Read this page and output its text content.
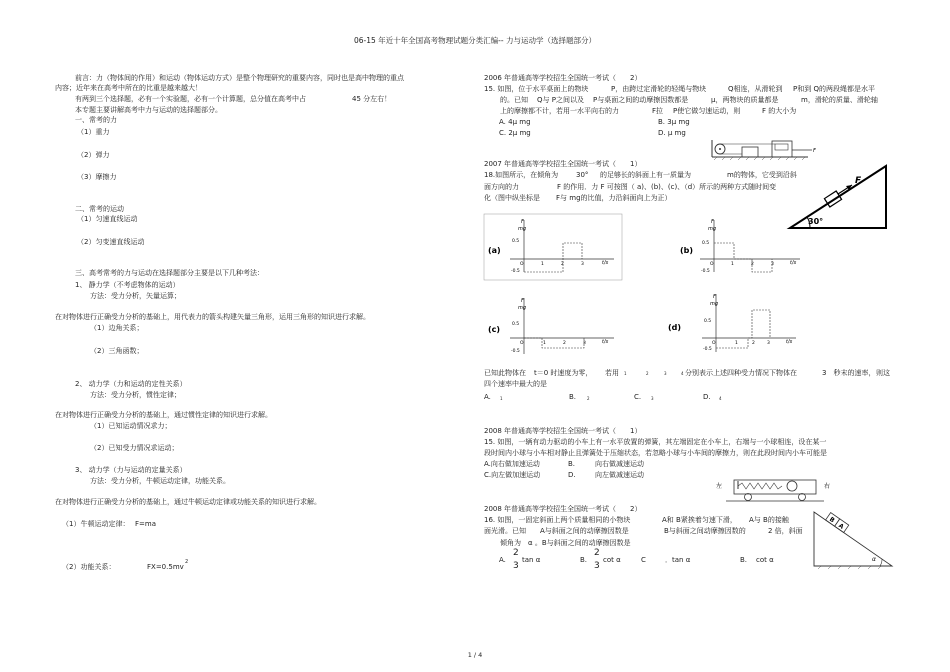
06-15 年近十年全国高考物理试题分类汇编-- 力与运动学（选择题部分）
前言：力（物体间的作用）和运动（物体运动方式）是整个物理研究的重要内容，同时也是高中物理的重点
内容；近年来在高考中所在的比重是越来越大！
有两到三个选择题，必有一个实验题，必有一个计算题，总分值在高考中占	45 分左右！
本专题主要讲解高考中力与运动的选择题部分。
一、常考的力
（1）重力
（2）弹力
（3）摩擦力
二、常考的运动
（1）匀速直线运动
（2）匀变速直线运动
三、高考常考的力与运动在选择题部分主要是以下几种考法：
1、 静力学（不考虑物体的运动）
方法：受力分析，矢量运算；
在对物体进行正确受力分析的基础上，用代表力的箭头构建矢量三角形，运用三角形的知识进行求解。
（1）边角关系；
（2）三角函数；
2、 动力学（力和运动的定性关系）
方法：受力分析，惯性定律；
在对物体进行正确受力分析的基础上，通过惯性定律的知识进行求解。
（1）已知运动情况求力；
（2）已知受力情况求运动；
3、 动力学（力与运动的定量关系）
方法：受力分析，牛顿运动定律，功能关系。
在对物体进行正确受力分析的基础上，通过牛顿运动定律或功能关系的知识进行求解。
（1）牛顿运动定律： F=ma
（2）功能关系：	FX=0.5mv
2
2006 年普通高等学校招生全国统一考试（　　2）
15. 如图，位于水平桌面上的物块	P，由跨过定滑轮的轻绳与物块	Q相连，从滑轮到 P和到 Q的两段绳都是水平
的。已知 Q与 P之间以及 P与桌面之间的动摩擦因数都是	μ，两物块的质量都是	m，滑轮的质量、滑轮轴
上的摩擦都不计，若用一水平向右的力	F拉 P使它做匀速运动，则	F 的大小为
A. 4μ mg	B. 3μ mg
C. 2μ mg	D. μ mg
F
2007 年普通高等学校招生全国统一考试（　　1）
18.如图所示，在倾角为	30° 的足够长的斜面上有一质量为	m的物体，它受到沿斜
面方向的力	F 的作用．力 F 可按图（ a)、(b)、(c)、（d）所示的两种方式随时间变
化（图中纵坐标是 F与 mg的比值，力沿斜面向上为正）
F
30°
(a)
F
mg
0.5
-0.5
O	1	2	3	t/s
(b)
F
mg
0.5
-0.5
O	1	2	3	t/s
(c)
F
mg
0.5
-0.5
O	1	2	3	t/s
(d)
F
mg
0.5
-0.5
O	1	2	3	t/s
已知此物体在 t＝0 时速度为零， 若用 1	2	3	4 分别表示上述四种受力情况下物体在	3　秒末的速率， 则这
四个速率中最大的是
A. 1	B.	2	C. 3	D. 4
2008 年普通高等学校招生全国统一考试（　　1）
15. 如图，一辆有动力驱动的小车上有一水平放置的弹簧，其左端固定在小车上，右端与一小球相连，设在某一
段时间内小球与小车相对静止且弹簧处于压缩状态，若忽略小球与小车间的摩擦力，则在此段时间内小车可能是
A.向右做加速运动	B.	向右做减速运动
C.向左做加速运动	D.	向左做减速运动
左	右
2008 年普通高等学校招生全国统一考试（　　2）
16. 如图，一固定斜面上两个质量相同的小物块	A和 B紧挨着匀速下滑， A与 B的接触
面光滑。已知 A与斜面之间的动摩擦因数是	B与斜面之间动摩擦因数的	2 倍，斜面
倾角为 α 。B与斜面之间的动摩擦因数是
A.
2
3
tan α	B.
2
3
cot α	C	．tan α	B. cot α
B
A
α
1 / 4
